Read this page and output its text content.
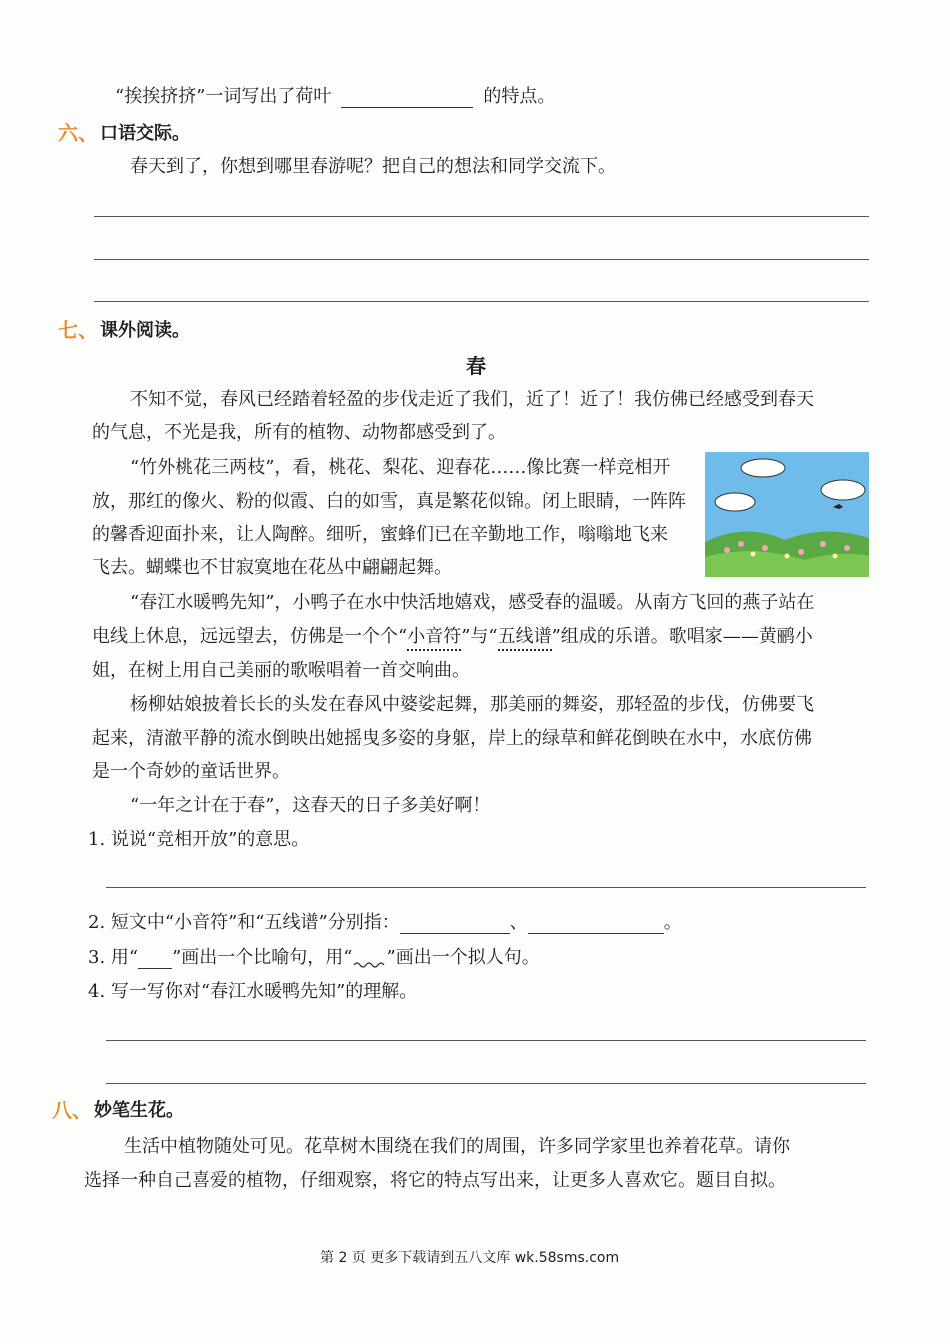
“挨挨挤挤”一词写出了荷叶	的特点。
六、 口语交际。
春天到了，你想到哪里春游呢？把自己的想法和同学交流下。
七、 课外阅读。
春
不知不觉，春风已经踏着轻盈的步伐走近了我们，近了！近了！我仿佛已经感受到春天
的气息，不光是我，所有的植物、动物都感受到了。
“竹外桃花三两枝”，看，桃花、梨花、迎春花……像比赛一样竞相开
放，那红的像火、粉的似霞、白的如雪，真是繁花似锦。闭上眼睛，一阵阵
的馨香迎面扑来，让人陶醉。细听，蜜蜂们已在辛勤地工作，嗡嗡地飞来
飞去。蝴蝶也不甘寂寞地在花丛中翩翩起舞。
“春江水暖鸭先知”，小鸭子在水中快活地嬉戏，感受春的温暖。从南方飞回的燕子站在
电线上休息，远远望去，仿佛是一个个“小音符”与“五线谱”组成的乐谱。歌唱家——黄鹂小
姐，在树上用自己美丽的歌喉唱着一首交响曲。
杨柳姑娘披着长长的头发在春风中婆娑起舞，那美丽的舞姿，那轻盈的步伐，仿佛要飞
起来，清澈平静的流水倒映出她摇曳多姿的身躯，岸上的绿草和鲜花倒映在水中，水底仿佛
是一个奇妙的童话世界。
“一年之计在于春”，这春天的日子多美好啊！
1. 说说“竞相开放”的意思。
2. 短文中“小音符”和“五线谱”分别指：	、	。
3. 用“ ”画出一个比喻句，用“ ”画出一个拟人句。
4. 写一写你对“春江水暖鸭先知”的理解。
八、 妙笔生花。
生活中植物随处可见。花草树木围绕在我们的周围，许多同学家里也养着花草。请你
选择一种自己喜爱的植物，仔细观察，将它的特点写出来，让更多人喜欢它。题目自拟。
第 2 页 更多下载请到五八文库 wk.58sms.com
